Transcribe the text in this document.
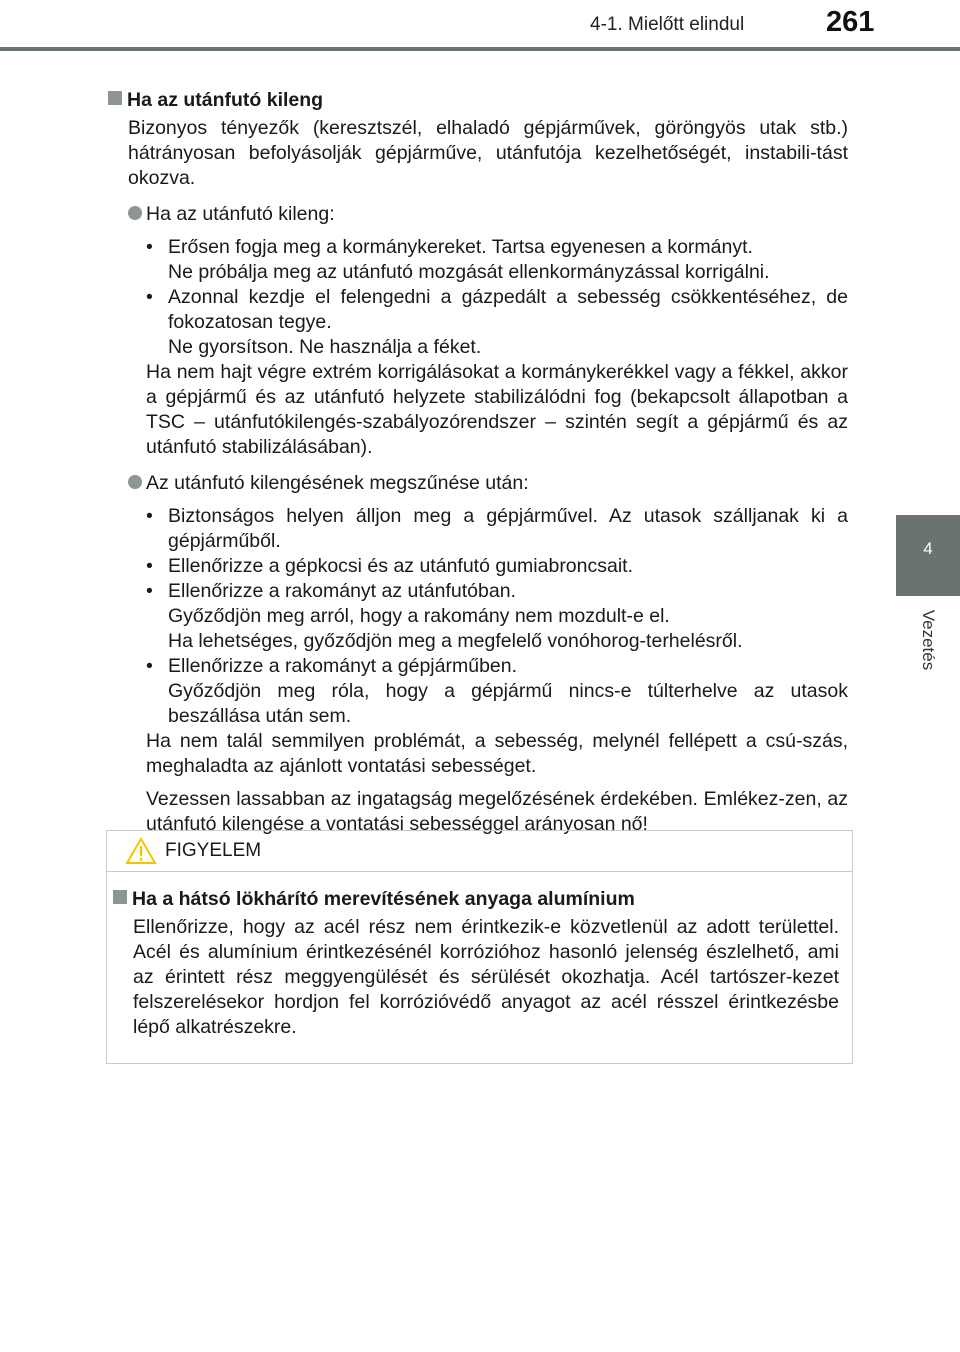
4-1. Mielőtt elindul	261
4
Vezetés
Ha az utánfutó kileng
Bizonyos tényezők (keresztszél, elhaladó gépjárművek, göröngyös utak stb.) hátrányosan befolyásolják gépjárműve, utánfutója kezelhetőségét, instabili-tást okozva.
Ha az utánfutó kileng:
• Erősen fogja meg a kormánykereket. Tartsa egyenesen a kormányt.
Ne próbálja meg az utánfutó mozgását ellenkormányzással korrigálni.
• Azonnal kezdje el felengedni a gázpedált a sebesség csökkentéséhez, de fokozatosan tegye.
Ne gyorsítson. Ne használja a féket.
Ha nem hajt végre extrém korrigálásokat a kormánykerékkel vagy a fékkel, akkor a gépjármű és az utánfutó helyzete stabilizálódni fog (bekapcsolt állapotban a TSC – utánfutókilengés-szabályozórendszer – szintén segít a gépjármű és az utánfutó stabilizálásában).
Az utánfutó kilengésének megszűnése után:
• Biztonságos helyen álljon meg a gépjárművel. Az utasok szálljanak ki a gépjárműből.
• Ellenőrizze a gépkocsi és az utánfutó gumiabroncsait.
• Ellenőrizze a rakományt az utánfutóban.
Győződjön meg arról, hogy a rakomány nem mozdult-e el.
Ha lehetséges, győződjön meg a megfelelő vonóhorog-terhelésről.
• Ellenőrizze a rakományt a gépjárműben.
Győződjön meg róla, hogy a gépjármű nincs-e túlterhelve az utasok beszállása után sem.
Ha nem talál semmilyen problémát, a sebesség, melynél fellépett a csú-szás, meghaladta az ajánlott vontatási sebességet.
Vezessen lassabban az ingatagság megelőzésének érdekében. Emlékez-zen, az utánfutó kilengése a vontatási sebességgel arányosan nő!
FIGYELEM
Ha a hátsó lökhárító merevítésének anyaga alumínium
Ellenőrizze, hogy az acél rész nem érintkezik-e közvetlenül az adott területtel. Acél és alumínium érintkezésénél korrózióhoz hasonló jelenség észlelhető, ami az érintett rész meggyengülését és sérülését okozhatja. Acél tartószer-kezet felszerelésekor hordjon fel korrózióvédő anyagot az acél résszel érintkezésbe lépő alkatrészekre.
